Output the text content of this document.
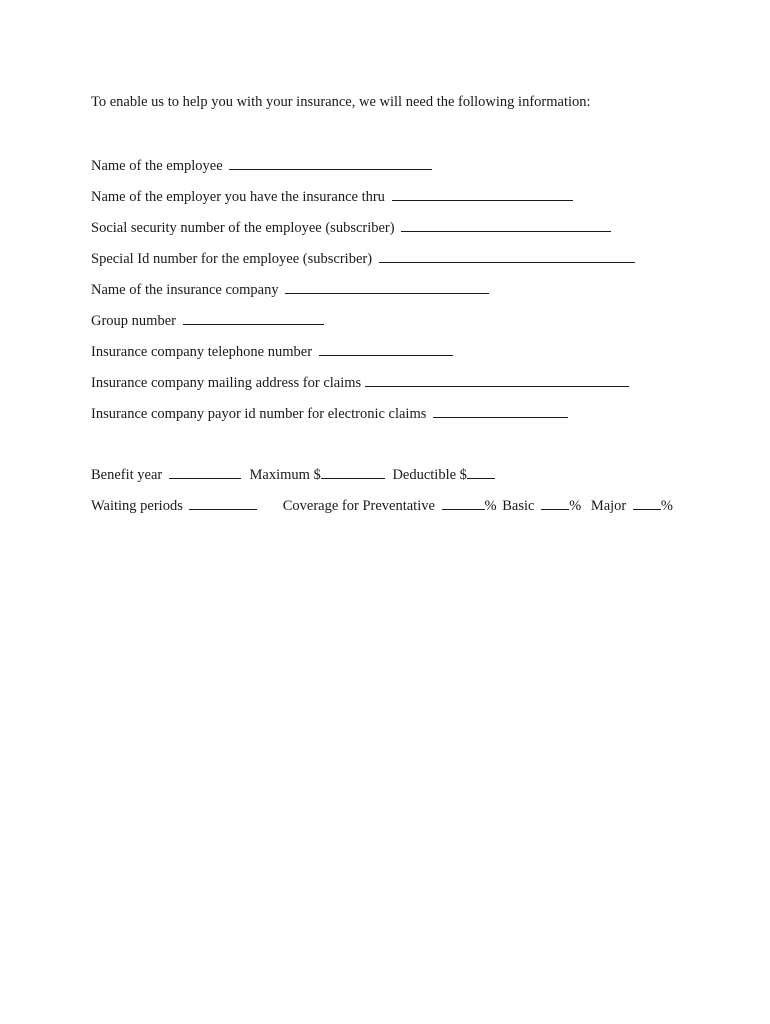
To enable us to help you with your insurance, we will need the following information:
Name of the employee
Name of the employer you have the insurance thru
Social security number of the employee (subscriber)
Special Id number for the employee (subscriber)
Name of the insurance company
Group number
Insurance company telephone number
Insurance company mailing address for claims
Insurance company payor id number for electronic claims
Benefit year	Maximum $	Deductible $
Waiting periods	Coverage for Preventative	% Basic % Major %
